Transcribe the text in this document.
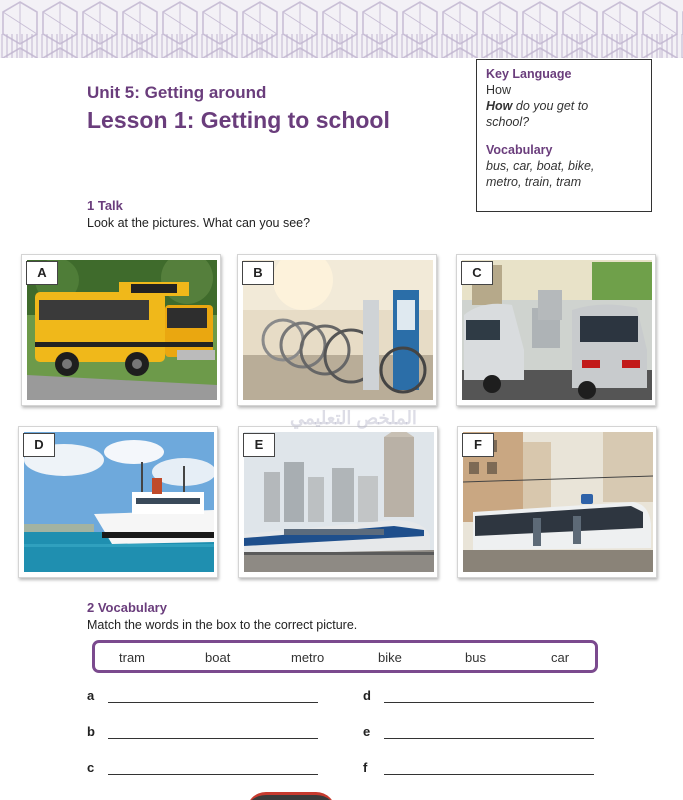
Unit 5: Getting around
Lesson 1: Getting to school
Key Language
How
How do you get to
school?
Vocabulary
bus, car, boat, bike,
metro, train, tram
1 Talk
Look at the pictures. What can you see?
A	B	C
D	E	F
الملخص التعليمي
2 Vocabulary
Match the words in the box to the correct picture.
tram	boat	metro	bike	bus	car
a
b
c
d
e
f
